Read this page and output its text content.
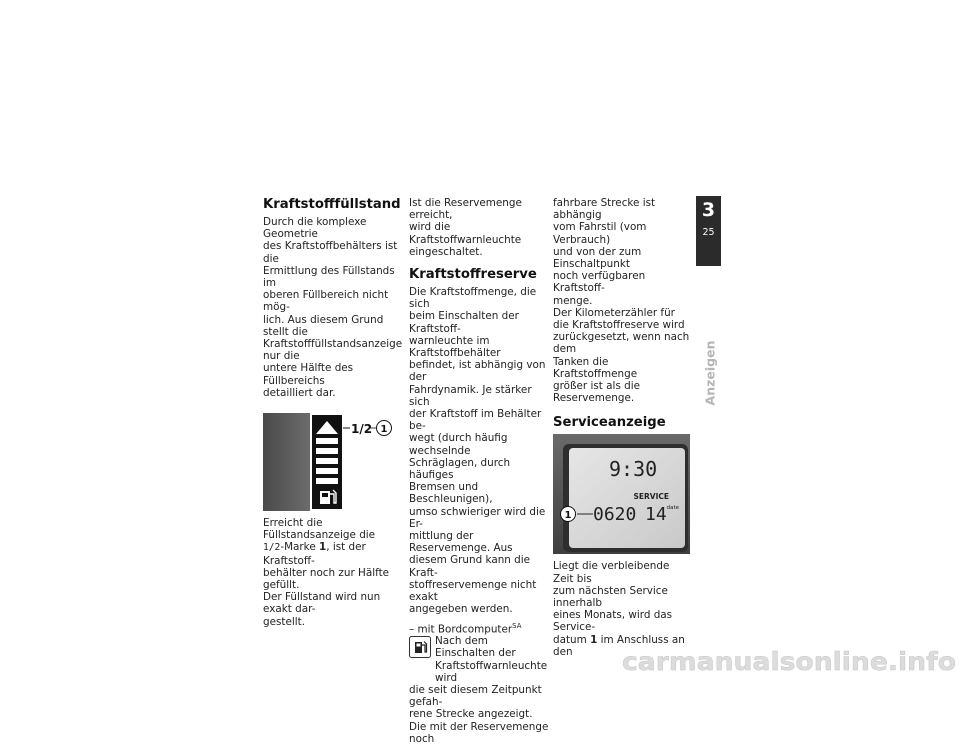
Kraftstofffüllstand
Durch die komplexe Geometrie
des Kraftstoffbehälters ist die
Ermittlung des Füllstands im
oberen Füllbereich nicht mög-
lich. Aus diesem Grund stellt die
Kraftstofffüllstandsanzeige nur die
untere Hälfte des Füllbereichs
detailliert dar.
1/2 1
Erreicht die Füllstandsanzeige die
1/2-Marke 1, ist der Kraftstoff-
behälter noch zur Hälfte gefüllt.
Der Füllstand wird nun exakt dar-
gestellt.
Ist die Reservemenge erreicht,
wird die Kraftstoffwarnleuchte
eingeschaltet.
Kraftstoffreserve
Die Kraftstoffmenge, die sich
beim Einschalten der Kraftstoff-
warnleuchte im Kraftstoffbehälter
befindet, ist abhängig von der
Fahrdynamik. Je stärker sich
der Kraftstoff im Behälter be-
wegt (durch häufig wechselnde
Schräglagen, durch häufiges
Bremsen und Beschleunigen),
umso schwieriger wird die Er-
mittlung der Reservemenge. Aus
diesem Grund kann die Kraft-
stoffreservemenge nicht exakt
angegeben werden.
– mit Bordcomputer$^{SA}$
Nach dem Einschalten der
Kraftstoffwarnleuchte wird
die seit diesem Zeitpunkt gefah-
rene Strecke angezeigt.
Die mit der Reservemenge noch
fahrbare Strecke ist abhängig
vom Fahrstil (vom Verbrauch)
und von der zum Einschaltpunkt
noch verfügbaren Kraftstoff-
menge.
Der Kilometerzähler für
die Kraftstoffreserve wird
zurückgesetzt, wenn nach dem
Tanken die Kraftstoffmenge
größer ist als die Reservemenge.
Serviceanzeige
9:30
SERVICE
0620 14 date
1
Liegt die verbleibende Zeit bis
zum nächsten Service innerhalb
eines Monats, wird das Service-
datum 1 im Anschluss an den
3
25
Anzeigen
carmanualsonline.info
